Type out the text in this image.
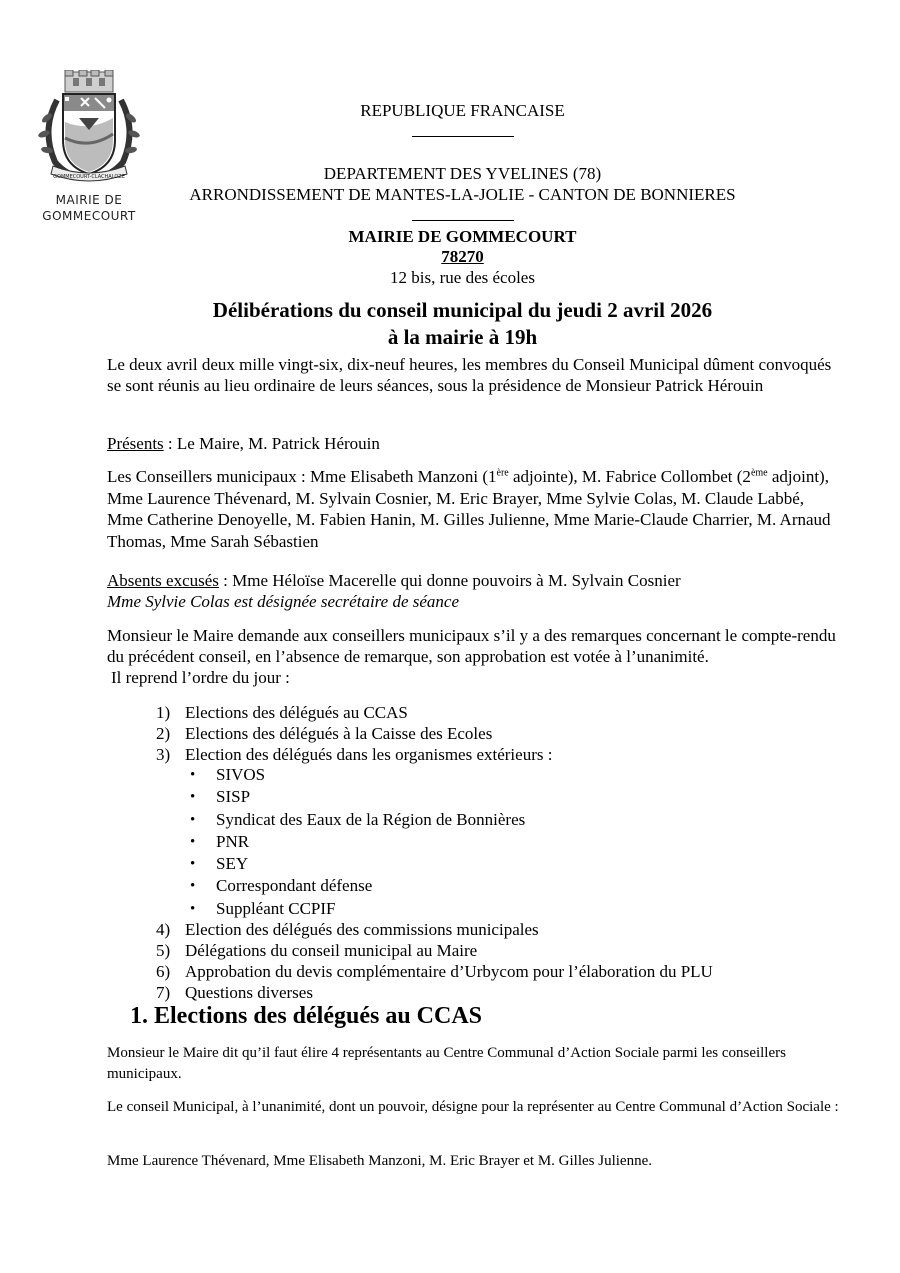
GOMMECOURT-CLACHALOZE
MAIRIE DE
GOMMECOURT
REPUBLIQUE FRANCAISE
DEPARTEMENT DES YVELINES (78)
ARRONDISSEMENT DE MANTES-LA-JOLIE - CANTON DE BONNIERES
MAIRIE DE GOMMECOURT
78270
12 bis, rue des écoles
Délibérations du conseil municipal du jeudi 2 avril 2026
à la mairie à 19h
Le deux avril deux mille vingt-six, dix-neuf heures, les membres du Conseil Municipal dûment convoqués se sont réunis au lieu ordinaire de leurs séances, sous la présidence de Monsieur Patrick Hérouin
Présents : Le Maire, M. Patrick Hérouin
Les Conseillers municipaux : Mme Elisabeth Manzoni (1ère adjointe), M. Fabrice Collombet (2ème adjoint), Mme Laurence Thévenard, M. Sylvain Cosnier, M. Eric Brayer, Mme Sylvie Colas, M. Claude Labbé, Mme Catherine Denoyelle, M. Fabien Hanin, M. Gilles Julienne, Mme Marie-Claude Charrier, M. Arnaud Thomas, Mme Sarah Sébastien
Absents excusés : Mme Héloïse Macerelle qui donne pouvoirs à M. Sylvain Cosnier
Mme Sylvie Colas est désignée secrétaire de séance
Monsieur le Maire demande aux conseillers municipaux s’il y a des remarques concernant le compte-rendu du précédent conseil, en l’absence de remarque, son approbation est votée à l’unanimité.
Il reprend l’ordre du jour :
1) Elections des délégués au CCAS
2) Elections des délégués à la Caisse des Ecoles
3) Election des délégués dans les organismes extérieurs :
• SIVOS
• SISP
• Syndicat des Eaux de la Région de Bonnières
• PNR
• SEY
• Correspondant défense
• Suppléant CCPIF
4) Election des délégués des commissions municipales
5) Délégations du conseil municipal au Maire
6) Approbation du devis complémentaire d’Urbycom pour l’élaboration du PLU
7) Questions diverses
1. Elections des délégués au CCAS
Monsieur le Maire dit qu’il faut élire 4 représentants au Centre Communal d’Action Sociale parmi les conseillers municipaux.
Le conseil Municipal, à l’unanimité, dont un pouvoir, désigne pour la représenter au Centre Communal d’Action Sociale :
Mme Laurence Thévenard, Mme Elisabeth Manzoni, M. Eric Brayer et M. Gilles Julienne.
